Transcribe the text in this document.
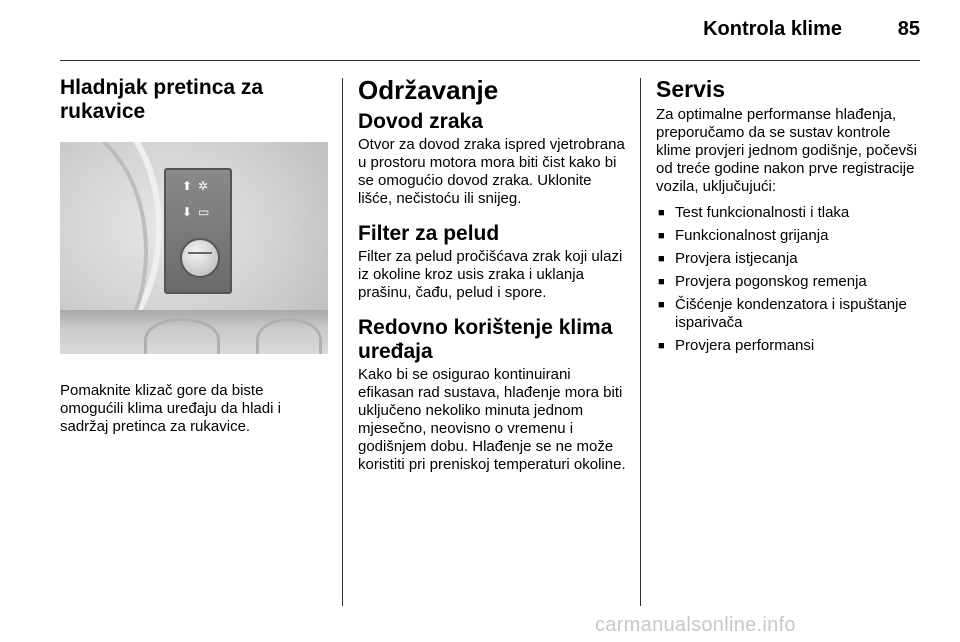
Kontrola klime	85
Hladnjak pretinca za rukavice
⬆ ✲
⬇ ▭

Pomaknite klizač gore da biste omogućili klima uređaju da hladi i sadržaj pretinca za rukavice.

Održavanje
Dovod zraka

Otvor za dovod zraka ispred vjetrobrana u prostoru motora mora biti čist kako bi se omogućio dovod zraka. Uklonite lišće, nečistoću ili snijeg.

Filter za pelud

Filter za pelud pročišćava zrak koji ulazi iz okoline kroz usis zraka i uklanja prašinu, čađu, pelud i spore.

Redovno korištenje klima uređaja

Kako bi se osigurao kontinuirani efikasan rad sustava, hlađenje mora biti uključeno nekoliko minuta jednom mjesečno, neovisno o vremenu i godišnjem dobu. Hlađenje se ne može koristiti pri preniskoj temperaturi okoline.

Servis

Za optimalne performanse hlađenja, preporučamo da se sustav kontrole klime provjeri jednom godišnje, počevši od treće godine nakon prve registracije vozila, uključujući:

■ Test funkcionalnosti i tlaka
■ Funkcionalnost grijanja
■ Provjera istjecanja
■ Provjera pogonskog remenja
■ Čišćenje kondenzatora i ispuštanje isparivača
■ Provjera performansi
carmanualsonline.info
